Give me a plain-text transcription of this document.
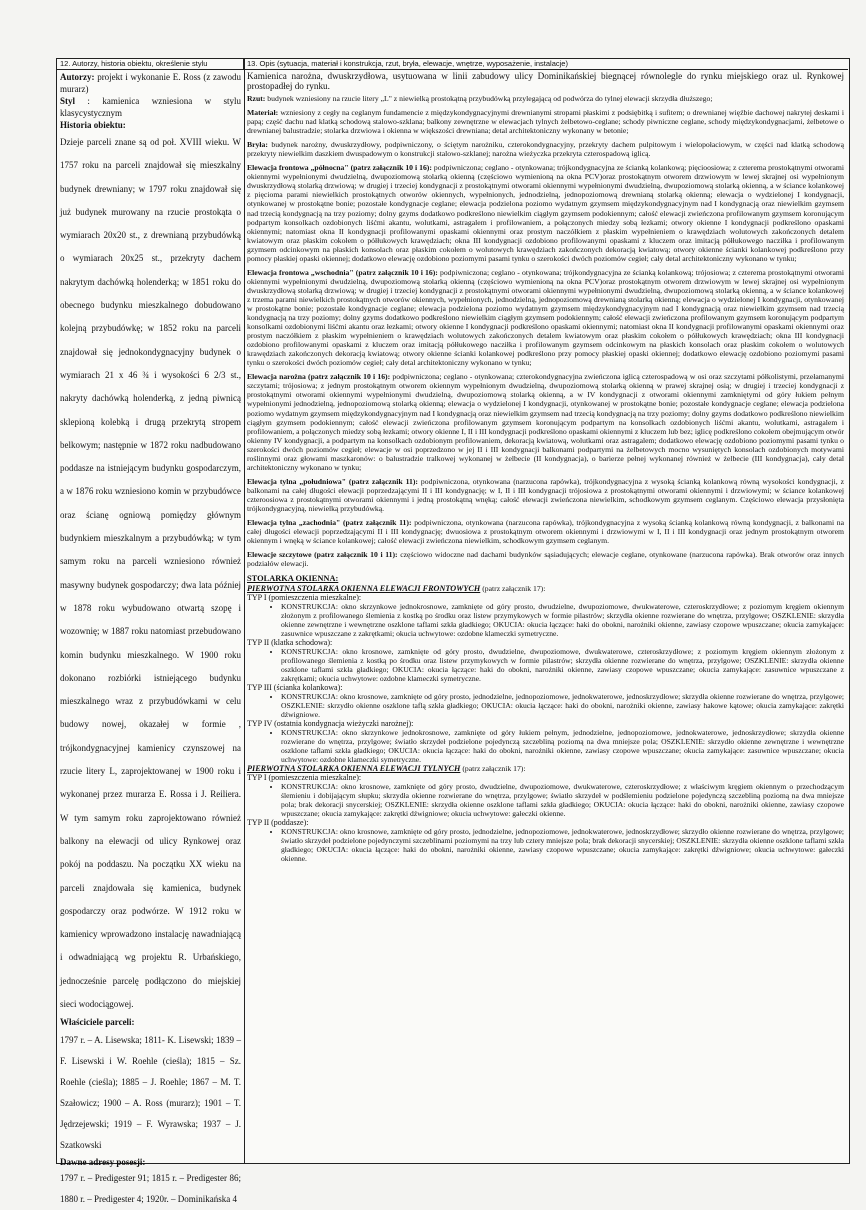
12. Autorzy, historia obiektu, określenie stylu	13. Opis (sytuacja, materiał i konstrukcja, rzut, bryła, elewacje, wnętrze, wyposażenie, instalacje)

Autorzy: projekt i wykonanie E. Ross (z zawodu murarz)

Styl : kamienica wzniesiona w stylu klasycystycznym

Historia obiektu:

Dzieje parceli znane są od poł. XVIII wieku. W 1757 roku na parceli znajdował się mieszkalny budynek drewniany; w 1797 roku znajdował się już budynek murowany na rzucie prostokąta o wymiarach 20x20 st., z drewnianą przybudówką o wymiarach 20x25 st., przekryty dachem nakrytym dachówką holenderką; w 1851 roku do obecnego budynku mieszkalnego dobudowano kolejną przybudówkę; w 1852 roku na parceli znajdował się jednokondygnacyjny budynek o wymiarach 21 x 46 ¾ i wysokości 6 2/3 st., nakryty dachówką holenderką, z jedną piwnicą sklepioną kolebką i drugą przekrytą stropem belkowym; następnie w 1872 roku nadbudowano poddasze na istniejącym budynku gospodarczym, a w 1876 roku wzniesiono komin w przybudówce oraz ścianę ogniową pomiędzy głównym budynkiem mieszkalnym a przybudówką; w tym samym roku na parceli wzniesiono również masywny budynek gospodarczy; dwa lata później w 1878 roku wybudowano otwartą szopę i wozownię; w 1887 roku natomiast przebudowano komin budynku mieszkalnego. W 1900 roku dokonano rozbiórki istniejącego budynku mieszkalnego wraz z przybudówkami w celu budowy nowej, okazałej w formie , trójkondygnacyjnej kamienicy czynszowej na rzucie litery L, zaprojektowanej w 1900 roku i wykonanej przez murarza E. Rossa i J. Reiliera. W tym samym roku zaprojektowano również balkony na elewacji od ulicy Rynkowej oraz pokój na poddaszu. Na początku XX wieku na parceli znajdowała się kamienica, budynek gospodarczy oraz podwórze. W 1912 roku w kamienicy wprowadzono instalację nawadniającą i odwadniającą wg projektu R. Urbańskiego, jednocześnie parcelę podłączono do miejskiej sieci wodociągowej.

Właściciele parceli:

1797 r. – A. Lisewska; 1811- K. Lisewski; 1839 – F. Lisewski i W. Roehle (cieśla); 1815 – Sz. Roehle (cieśla); 1885 – J. Roehle; 1867 – M. T. Szałowicz; 1900 – A. Ross (murarz); 1901 – T. Jędrzejewski; 1919 – F. Wyrawska; 1937 – J. Szatkowski

Dawne adresy posesji:

1797 r. – Predigester 91; 1815 r. – Predigester 86; 1880 r. – Predigester 4; 1920r. – Dominikańska 4

Kamienica narożna, dwuskrzydłowa, usytuowana w linii zabudowy ulicy Dominikańskiej biegnącej równolegle do rynku miejskiego oraz ul. Rynkowej prostopadłej do rynku.

Rzut: budynek wzniesiony na rzucie litery „L" z niewielką prostokątną przybudówką przylegającą od podwórza do tylnej elewacji skrzydła dłuższego;

Materiał: wzniesiony z cegły na ceglanym fundamencie z międzykondygnacyjnymi drewnianymi stropami płaskimi z podsiębitką i sufitem; o drewnianej więźbie dachowej nakrytej deskami i papą; część dachu nad klatką schodową stalowo-szklana; balkony zewnętrzne w elewacjach tylnych żelbetowo-ceglane; schody piwniczne ceglane, schody międzykondygnacjami, żelbetowe o drewnianej balustradzie; stolarka drzwiowa i okienna w większości drewniana; detal architektoniczny wykonany w betonie;

Bryła: budynek narożny, dwuskrzydłowy, podpiwniczony, o ściętym narożniku, czterokondygnacyjny, przekryty dachem pulpitowym i wielopołaciowym, w części nad klatką schodową przekryty niewielkim daszkiem dwuspadowym o konstrukcji stalowo-szklanej; narożna wieżyczka przekryta czterospadową iglicą.

Elewacja frontowa „północna" (patrz załącznik 10 i 16): podpiwniczona; ceglano - otynkowana; trójkondygnacyjna ze ścianką kolankową; pięcioosiowa; z czterema prostokątnymi otworami okiennymi wypełnionymi dwudzielną, dwupoziomową stolarką okienną (częściowo wymienioną na okna PCV)oraz prostokątnym otworem drzwiowym w lewej skrajnej osi wypełnionym dwuskrzydłową stolarką drzwiową; w drugiej i trzeciej kondygnacji z prostokątnymi otworami okiennymi wypełnionymi dwudzielną, dwupoziomową stolarką okienną, a w ściance kolankowej z pięcioma parami niewielkich prostokątnych otworów okiennych, wypełnionych, jednodzielną, jednopoziomową drewnianą stolarką okienną; elewacja o wydzielonej I kondygnacji, otynkowanej w prostokątne bonie; pozostałe kondygnacje ceglane; elewacja podzielona poziomo wydatnym gzymsem międzykondygnacyjnym nad I kondygnacją oraz niewielkim gzymsem nad trzecią kondygnacją na trzy poziomy; dolny gzyms dodatkowo podkreślono niewielkim ciągłym gzymsem podokiennym; całość elewacji zwieńczona profilowanym gzymsem koronującym podpartym konsolkach ozdobionych liśćmi akantu, wolutkami, astragalem i profilowaniem, a połączonych miedzy sobą łezkami; otwory okienne I kondygnacji podkreślono opaskami okiennymi; natomiast okna II kondygnacji profilowanymi opaskami okiennymi oraz prostym naczółkiem z płaskim wypełnieniem o krawędziach wolutowych zakończonych detalem kwiatowym oraz płaskim cokołem o półłukowych krawędziach; okna III kondygnacji ozdobiono profilowanymi opaskami z kluczem oraz imitacją półłukowego nacziłka i profilowanym gzymsem odcinkowym na płaskich konsolach oraz płaskim cokołem o wolutowych krawędziach zakończonych dekoracją kwiatową; otwory okienne ścianki kolankowej podkreślono przy pomocy płaskiej opaski okiennej; dodatkowo elewację ozdobiono poziomymi pasami tynku o szerokości dwóch poziomów cegieł; cały detal architektoniczny wykonano w tynku;

Elewacja frontowa „wschodnia" (patrz załącznik 10 i 16): podpiwniczona; ceglano - otynkowana; trójkondygnacyjna ze ścianką kolankową; trójosiowa; z czterema prostokątnymi otworami okiennymi wypełnionymi dwudzielną, dwupoziomową stolarką okienną (częściowo wymienioną na okna PCV)oraz prostokątnym otworem drzwiowym w lewej skrajnej osi wypełnionym dwuskrzydłową stolarką drzwiową; w drugiej i trzeciej kondygnacji z prostokątnymi otworami okiennymi wypełnionymi dwudzielną, dwupoziomową stolarką okienną, a w ściance kolankowej z trzema parami niewielkich prostokątnych otworów okiennych, wypełnionych, jednodzielną, jednopoziomową drewnianą stolarką okienną; elewacja o wydzielonej I kondygnacji, otynkowanej w prostokątne bonie; pozostałe kondygnacje ceglane; elewacja podzielona poziomo wydatnym gzymsem międzykondygnacyjnym nad I kondygnacją oraz niewielkim gzymsem nad trzecią kondygnacją na trzy poziomy; dolny gzyms dodatkowo podkreślono niewielkim ciągłym gzymsem podokiennym; całość elewacji zwieńczona profilowanym gzymsem koronującym podpartym konsolkami ozdobionymi liśćmi akantu oraz łezkami; otwory okienne I kondygnacji podkreślono opaskami okiennymi; natomiast okna II kondygnacji profilowanymi opaskami okiennymi oraz prostym naczółkiem z płaskim wypełnieniem o krawędziach wolutowych zakończonych detalem kwiatowym oraz płaskim cokołem o półłukowych krawędziach; okna III kondygnacji ozdobiono profilowanymi opaskami z kluczem oraz imitacją półłukowego nacziłka i profilowanym gzymsem odcinkowym na płaskich konsolach oraz płaskim cokołem o wolutowych krawędziach zakończonych dekoracją kwiatową; otwory okienne ścianki kolankowej podkreślono przy pomocy płaskiej opaski okiennej; dodatkowo elewację ozdobiono poziomymi pasami tynku o szerokości dwóch poziomów cegieł; cały detal architektoniczny wykonano w tynku;

Elewacja narożna (patrz załącznik 10 i 16): podpiwniczona; ceglano - otynkowana; czterokondygnacyjna zwieńczona iglicą czterospadową w osi oraz szczytami półkolistymi, przełamanymi szczytami; trójosiowa; z jednym prostokątnym otworem okiennym wypełnionym dwudzielną, dwupoziomową stolarką okienną w prawej skrajnej osią; w drugiej i trzeciej kondygnacji z prostokątnymi otworami okiennymi wypełnionymi dwudzielną, dwupoziomową stolarką okienną, a w IV kondygnacji z otworami okiennymi zamkniętymi od góry łukiem pełnym wypełnionymi jednodzielną, jednopoziomową stolarką okienną; elewacja o wydzielonej I kondygnacji, otynkowanej w prostokątne bonie; pozostałe kondygnacje ceglane; elewacja podzielona poziomo wydatnym gzymsem międzykondygnacyjnym nad I kondygnacją oraz niewielkim gzymsem nad trzecią kondygnacją na trzy poziomy; dolny gzyms dodatkowo podkreślono niewielkim ciągłym gzymsem podokiennym; całość elewacji zwieńczona profilowanym gzymsem koronującym podpartym na konsolkach ozdobionych liśćmi akantu, wolutkami, astragalem i profilowaniem, a połączonych miedzy sobą łezkami; otwory okienne I, II i III kondygnacji podkreślono opaskami okiennymi z kluczem lub bez; iglicę podkreślono cokołem obejmującym otwór okienny IV kondygnacji, a podpartym na konsolkach ozdobionym profilowaniem, dekoracją kwiatową, wolutkami oraz astragalem; dodatkowo elewację ozdobiono poziomymi pasami tynku o szerokości dwóch poziomów cegieł; elewacje w osi poprzedzono w jej II i III kondygnacji balkonami podpartymi na żelbetowych mocno wysuniętych konsolach ozdobionych motywami roślinnymi oraz głowami maszkaronów: o balustradzie tralkowej wykonanej w żelbecie (II kondygnacja), o barierze pełnej wykonanej również w żelbecie (III kondygnacja), cały detal architektoniczny wykonano w tynku;

Elewacja tylna „południowa" (patrz załącznik 11): podpiwniczona, otynkowana (narzucona rapówka), trójkondygnacyjna z wysoką ścianką kolankową równą wysokości kondygnacji, z balkonami na całej długości elewacji poprzedzającymi II i III kondygnację; w I, II i III kondygnacji trójosiowa z prostokątnymi otworami okiennymi i drzwiowymi; w ściance kolankowej czteroosiowa z prostokątnymi otworami okiennymi i jedną prostokątną wnęką; całość elewacji zwieńczona niewielkim, schodkowym gzymsem ceglanym. Częściowo elewacja przysłonięta trójkondygnacyjną, niewielką przybudówką.

Elewacja tylna „zachodnia" (patrz załącznik 11): podpiwniczona, otynkowana (narzucona rapówka), trójkondygnacyjna z wysoką ścianką kolankową równą kondygnacji, z balkonami na całej długości elewacji poprzedzającymi II i III kondygnację; dwuosiowa z prostokątnym otworem okiennymi i drzwiowymi w I, II i III kondygnacji oraz jednym prostokątnym otworem okiennym i wnęką w ściance kolankowej; całość elewacji zwieńczona niewielkim, schodkowym gzymsem ceglanym.

Elewacje szczytowe (patrz załącznik 10 i 11): częściowo widoczne nad dachami budynków sąsiadujących; elewacje ceglane, otynkowane (narzucona rapówka). Brak otworów oraz innych podziałów elewacji.

STOLARKA OKIENNA:
PIERWOTNA STOLARKA OKIENNA ELEWACJI FRONTOWYCH (patrz załącznik 17):

TYP I (pomieszczenia mieszkalne):

• KONSTRUKCJA: okno skrzynkowe jednokrosnowe, zamknięte od góry prosto, dwudzielne, dwupoziomowe, dwukwaterowe, czteroskrzydłowe; z poziomym kręgiem okiennym złożonym z profilowanego ślemienia z kostką po środku oraz listew przymykowych w formie pilastrów; skrzydła okienne rozwierane do wnętrza, przylgowe; OSZKLENIE: skrzydła okienne zewnętrzne i wewnętrzne oszklone taflami szkła gładkiego; OKUCIA: okucia łączące: haki do obokni, narożniki okienne, zawiasy czopowe wpuszczane; okucia zamykające: zasuwnice wpuszczane z zakrętkami; okucia uchwytowe: ozdobne klameczki symetryczne.

TYP II (klatka schodowa):

• KONSTRUKCJA: okno krosnowe, zamknięte od góry prosto, dwudzielne, dwupoziomowe, dwukwaterowe, czteroskrzydłowe; z poziomym kręgiem okiennym złożonym z profilowanego ślemienia z kostką po środku oraz listew przymykowych w formie pilastrów; skrzydła okienne rozwierane do wnętrza, przylgowe; OSZKLENIE: skrzydła okienne oszklone taflami szkła gładkiego; OKUCIA: okucia łączące: haki do obokni, narożniki okienne, zawiasy czopowe wpuszczane; okucia zamykające: zasuwnice wpuszczane z zakrętkami; okucia uchwytowe: ozdobne klameczki symetryczne.

TYP III (ścianka kolankowa):

• KONSTRUKCJA: okno krosnowe, zamknięte od góry prosto, jednodzielne, jednopoziomowe, jednokwaterowe, jednoskrzydłowe; skrzydła okienne rozwierane do wnętrza, przylgowe; OSZKLENIE: skrzydło okienne oszklone taflą szkła gładkiego; OKUCIA: okucia łączące: haki do obokni, narożniki okienne, zawiasy hakowe kątowe; okucia zamykające: zakrętki dźwigniowe.

TYP IV (ostatnia kondygnacja wieżyczki narożnej):

• KONSTRUKCJA: okno skrzynkowe jednokrosnowe, zamknięte od góry łukiem pełnym, jednodzielne, jednopoziomowe, jednokwaterowe, jednoskrzydłowe; skrzydła okienne rozwierane do wnętrza, przylgowe; światło skrzydeł podzielone pojedynczą szczebliną poziomą na dwa mniejsze pola; OSZKLENIE: skrzydło okienne zewnętrzne i wewnętrzne oszklone taflami szkła gładkiego; OKUCIA: okucia łączące: haki do obokni, narożniki okienne, zawiasy czopowe wpuszczane; okucia zamykające: zasuwnice wpuszczane; okucia uchwytowe: ozdobne klameczki symetryczne.
PIERWOTNA STOLARKA OKIENNA ELEWACJI TYLNYCH (patrz załącznik 17):

TYP I (pomieszczenia mieszkalne):

• KONSTRUKCJA: okno krosnowe, zamknięte od góry prosto, dwudzielne, dwupoziomowe, dwukwaterowe, czteroskrzydłowe; z właściwym kręgiem okiennym o przechodzącym ślemieniu i dobijającym słupku; skrzydła okienne rozwierane do wnętrza, przylgowe; światło skrzydeł w podślemieniu podzielone pojedynczą szczebliną poziomą na dwa mniejsze pola; brak dekoracji snycerskiej; OSZKLENIE: skrzydła okienne oszklone taflami szkła gładkiego; OKUCIA: okucia łączące: haki do obokni, narożniki okienne, zawiasy czopowe wpuszczane; okucia zamykające: zakrętki dźwigniowe; okucia uchwytowe: gałeczki okienne.

TYP II (poddasze):

• KONSTRUKCJA: okno krosnowe, zamknięte od góry prosto, jednodzielne, jednopoziomowe, jednokwaterowe, jednoskrzydłowe; skrzydło okienne rozwierane do wnętrza, przylgowe; światło skrzydeł podzielone pojedynczymi szczeblinami poziomymi na trzy lub cztery mniejsze pola; brak dekoracji snycerskiej; OSZKLENIE: skrzydła okienne oszklone taflami szkła gładkiego; OKUCIA: okucia łączące: haki do obokni, narożniki okienne, zawiasy czopowe wpuszczane; okucia zamykające: zakrętki dźwigniowe; okucia uchwytowe: gałeczki okienne.
